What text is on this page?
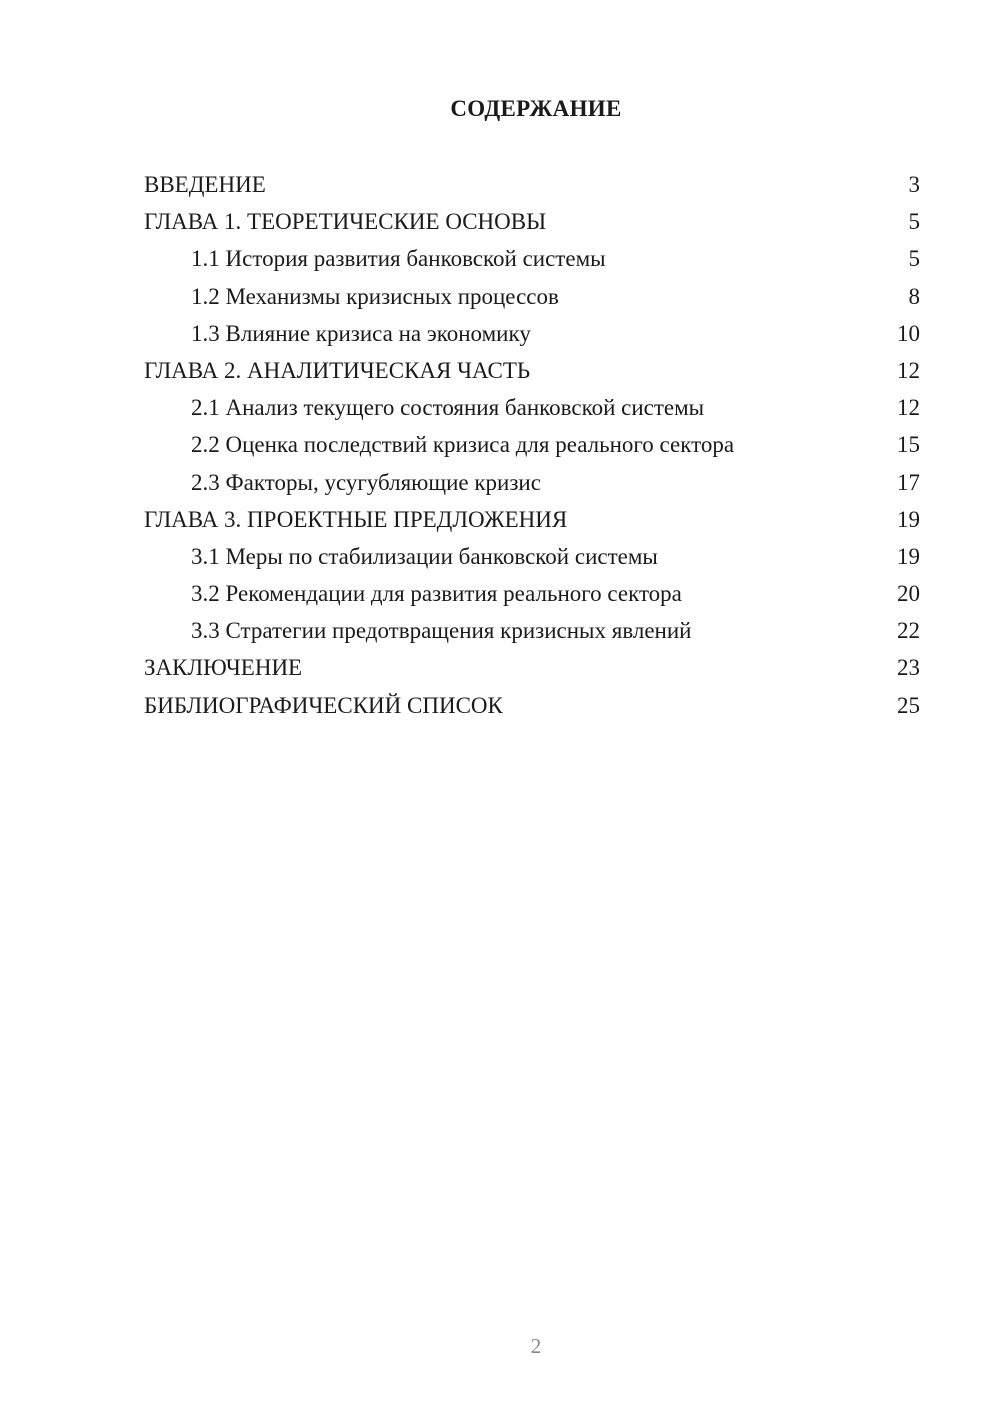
СОДЕРЖАНИЕ
ВВЕДЕНИЕ	3
ГЛАВА 1. ТЕОРЕТИЧЕСКИЕ ОСНОВЫ	5
1.1 История развития банковской системы	5
1.2 Механизмы кризисных процессов	8
1.3 Влияние кризиса на экономику	10
ГЛАВА 2. АНАЛИТИЧЕСКАЯ ЧАСТЬ	12
2.1 Анализ текущего состояния банковской системы	12
2.2 Оценка последствий кризиса для реального сектора	15
2.3 Факторы, усугубляющие кризис	17
ГЛАВА 3. ПРОЕКТНЫЕ ПРЕДЛОЖЕНИЯ	19
3.1 Меры по стабилизации банковской системы	19
3.2 Рекомендации для развития реального сектора	20
3.3 Стратегии предотвращения кризисных явлений	22
ЗАКЛЮЧЕНИЕ	23
БИБЛИОГРАФИЧЕСКИЙ СПИСОК	25
2
